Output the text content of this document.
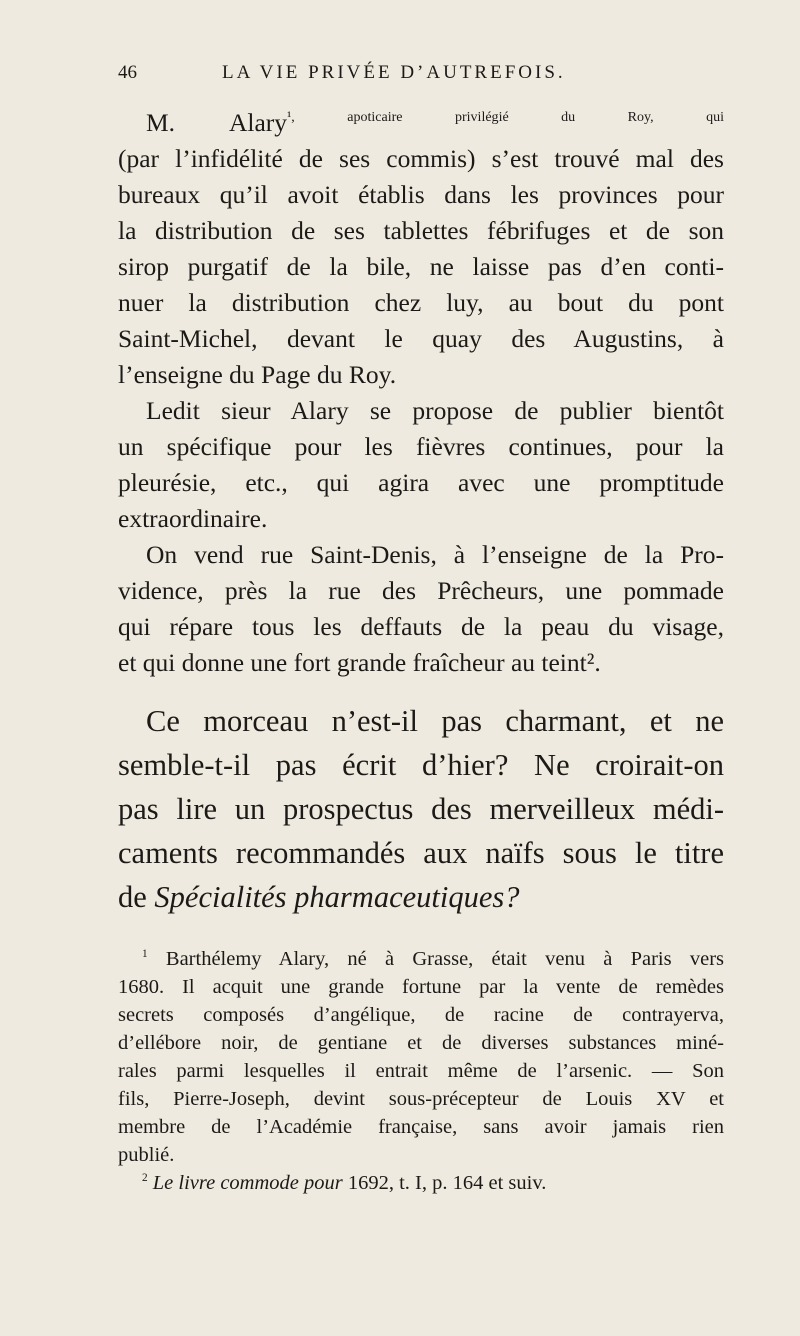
46	LA VIE PRIVÉE D’AUTREFOIS.
M. Alary$^{^1, apoticaire privilégié du Roy, qui}$
(par l’infidélité de ses commis) s’est trouvé mal des
bureaux qu’il avoit établis dans les provinces pour
la distribution de ses tablettes fébrifuges et de son
sirop purgatif de la bile, ne laisse pas d’en conti-
nuer la distribution chez luy, au bout du pont
Saint-Michel, devant le quay des Augustins, à
l’enseigne du Page du Roy.
Ledit sieur Alary se propose de publier bientôt
un spécifique pour les fièvres continues, pour la
pleurésie, etc., qui agira avec une promptitude
extraordinaire.
On vend rue Saint-Denis, à l’enseigne de la Pro-
vidence, près la rue des Prêcheurs, une pommade
qui répare tous les deffauts de la peau du visage,
et qui donne une fort grande fraîcheur au teint².
Ce morceau n’est-il pas charmant, et ne
semble-t-il pas écrit d’hier? Ne croirait-on
pas lire un prospectus des merveilleux médi-
caments recommandés aux naïfs sous le titre
de Spécialités pharmaceutiques?
$^1$ Barthélemy Alary, né à Grasse, était venu à Paris vers
1680. Il acquit une grande fortune par la vente de remèdes
secrets composés d’angélique, de racine de contrayerva,
d’ellébore noir, de gentiane et de diverses substances miné-
rales parmi lesquelles il entrait même de l’arsenic. — Son
fils, Pierre-Joseph, devint sous-précepteur de Louis XV et
membre de l’Académie française, sans avoir jamais rien
publié.
$^2$ Le livre commode pour 1692, t. I, p. 164 et suiv.
